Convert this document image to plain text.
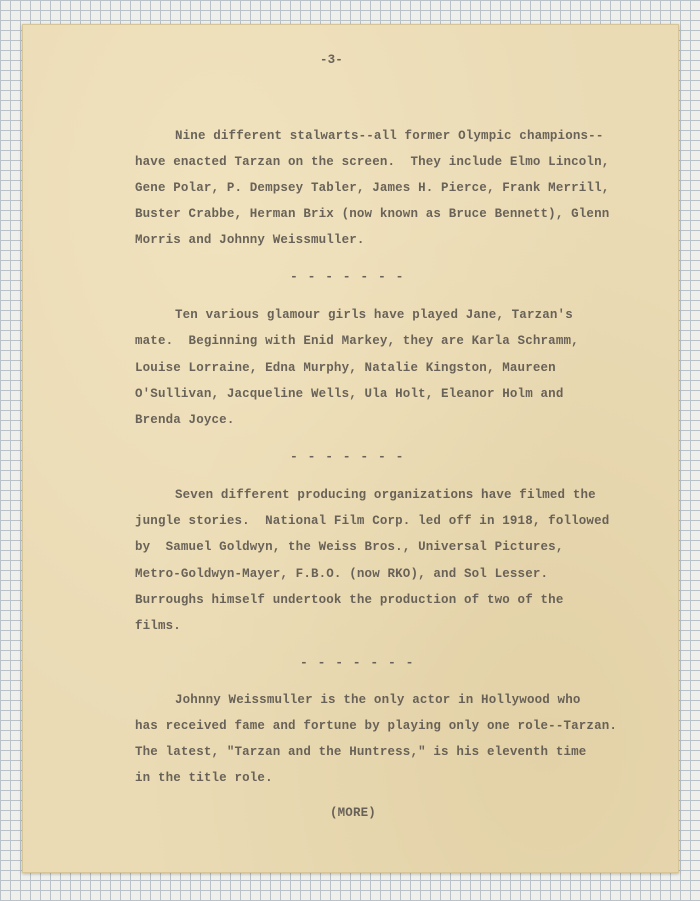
-3-
Nine different stalwarts--all former Olympic champions--
have enacted Tarzan on the screen.  They include Elmo Lincoln,
Gene Polar, P. Dempsey Tabler, James H. Pierce, Frank Merrill,
Buster Crabbe, Herman Brix (now known as Bruce Bennett), Glenn
Morris and Johnny Weissmuller.
- - - - - - -
Ten various glamour girls have played Jane, Tarzan's
mate.  Beginning with Enid Markey, they are Karla Schramm,
Louise Lorraine, Edna Murphy, Natalie Kingston, Maureen
O'Sullivan, Jacqueline Wells, Ula Holt, Eleanor Holm and
Brenda Joyce.
- - - - - - -
Seven different producing organizations have filmed the
jungle stories.  National Film Corp. led off in 1918, followed
by  Samuel Goldwyn, the Weiss Bros., Universal Pictures,
Metro-Goldwyn-Mayer, F.B.O. (now RKO), and Sol Lesser.
Burroughs himself undertook the production of two of the
films.
- - - - - - -
Johnny Weissmuller is the only actor in Hollywood who
has received fame and fortune by playing only one role--Tarzan.
The latest, "Tarzan and the Huntress," is his eleventh time
in the title role.
(MORE)
